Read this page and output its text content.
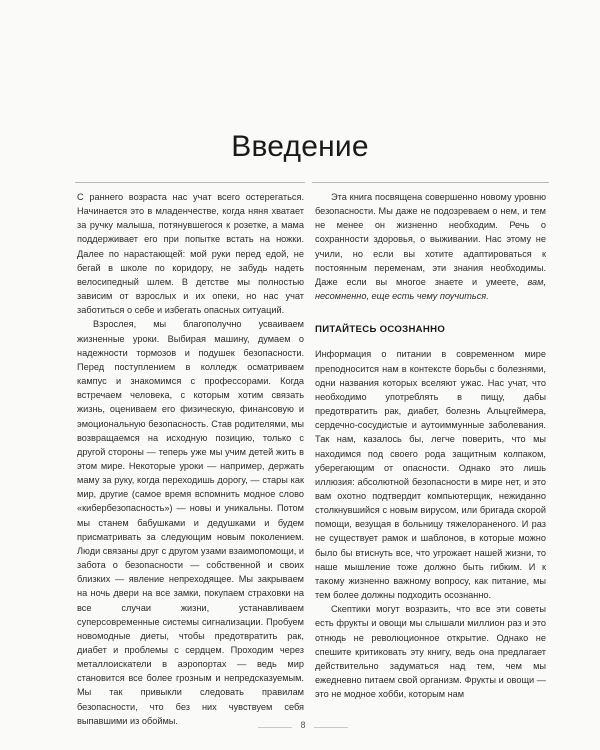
Введение

С раннего возраста нас учат всего остерегаться. Начинается это в младенчестве, когда няня хватает за ручку малыша, потянувшегося к розетке, а мама поддерживает его при попытке встать на ножки. Далее по нарастающей: мой руки перед едой, не бегай в школе по коридору, не забудь надеть велосипедный шлем. В детстве мы полностью зависим от взрослых и их опеки, но нас учат заботиться о себе и избегать опасных ситуаций.

Взрослея, мы благополучно усваиваем жизненные уроки. Выбирая машину, думаем о надежности тормозов и подушек безопасности. Перед поступлением в колледж осматриваем кампус и знакомимся с профессорами. Когда встречаем человека, с которым хотим связать жизнь, оцениваем его физическую, финансовую и эмоциональную безопасность. Став родителями, мы возвращаемся на исходную позицию, только с другой стороны — теперь уже мы учим детей жить в этом мире. Некоторые уроки — например, держать маму за руку, когда переходишь дорогу, — стары как мир, другие (самое время вспомнить модное слово «кибербезопасность») — новы и уникальны. Потом мы станем бабушками и дедушками и будем присматривать за следующим новым поколением. Люди связаны друг с другом узами взаимопомощи, и забота о безопасности — собственной и своих близких — явление непреходящее. Мы закрываем на ночь двери на все замки, покупаем страховки на все случаи жизни, устанавливаем суперсовременные системы сигнализации. Пробуем новомодные диеты, чтобы предотвратить рак, диабет и проблемы с сердцем. Проходим через металлоискатели в аэропортах — ведь мир становится все более грозным и непредсказуемым. Мы так привыкли следовать правилам безопасности, что без них чувствуем себя выпавшими из обоймы.

Эта книга посвящена совершенно новому уровню безопасности. Мы даже не подозреваем о нем, и тем не менее он жизненно необходим. Речь о сохранности здоровья, о выживании. Нас этому не учили, но если вы хотите адаптироваться к постоянным переменам, эти знания необходимы. Даже если вы многое знаете и умеете, вам, несомненно, еще есть чему поучиться.

ПИТАЙТЕСЬ ОСОЗНАННО

Информация о питании в современном мире преподносится нам в контексте борьбы с болезнями, одни названия которых вселяют ужас. Нас учат, что необходимо употреблять в пищу, дабы предотвратить рак, диабет, болезнь Альцгеймера, сердечно-сосудистые и аутоиммунные заболевания. Так нам, казалось бы, легче поверить, что мы находимся под своего рода защитным колпаком, уберегающим от опасности. Однако это лишь иллюзия: абсолютной безопасности в мире нет, и это вам охотно подтвердит компьютерщик, нежиданно столкнувшийся с новым вирусом, или бригада скорой помощи, везущая в больницу тяжелораненого. И раз не существует рамок и шаблонов, в которые можно было бы втиснуть все, что угрожает нашей жизни, то наше мышление тоже должно быть гибким. И к такому жизненно важному вопросу, как питание, мы тем более должны подходить осознанно.

Скептики могут возразить, что все эти советы есть фрукты и овощи мы слышали миллион раз и это отнюдь не революционное открытие. Однако не спешите критиковать эту книгу, ведь она предлагает действительно задуматься над тем, чем мы ежедневно питаем свой организм. Фрукты и овощи — это не модное хобби, которым нам

8
